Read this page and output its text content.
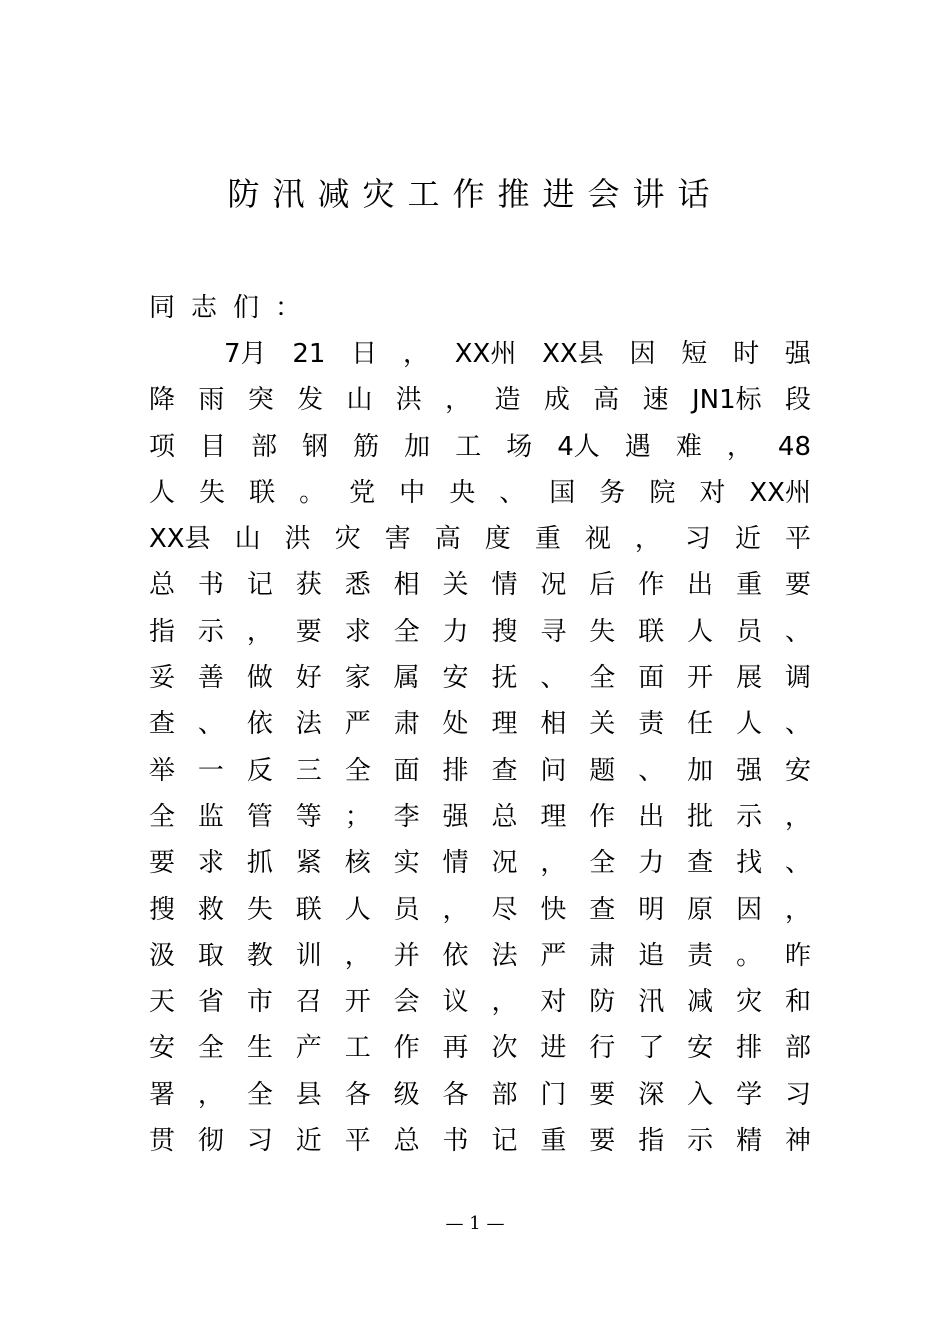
防汛减灾工作推进会讲话

同志们：

7月 21 日 ， XX州 XX县 因 短 时 强
降 雨 突 发 山 洪 ， 造 成 高 速 JN1标 段
项 目 部 钢 筋 加 工 场 4人 遇 难 ， 48
人 失 联 。 党 中 央 、 国 务 院 对 XX州
XX县 山 洪 灾 害 高 度 重 视 ， 习 近 平
总 书 记 获 悉 相 关 情 况 后 作 出 重 要
指 示 ， 要 求 全 力 搜 寻 失 联 人 员 、
妥 善 做 好 家 属 安 抚 、 全 面 开 展 调
查 、 依 法 严 肃 处 理 相 关 责 任 人 、
举 一 反 三 全 面 排 查 问 题 、 加 强 安
全 监 管 等 ； 李 强 总 理 作 出 批 示 ，
要 求 抓 紧 核 实 情 况 ， 全 力 查 找 、
搜 救 失 联 人 员 ， 尽 快 查 明 原 因 ，
汲 取 教 训 ， 并 依 法 严 肃 追 责 。 昨
天 省 市 召 开 会 议 ， 对 防 汛 减 灾 和
安 全 生 产 工 作 再 次 进 行 了 安 排 部
署 ， 全 县 各 级 各 部 门 要 深 入 学 习
贯 彻 习 近 平 总 书 记 重 要 指 示 精 神

— 1 —
